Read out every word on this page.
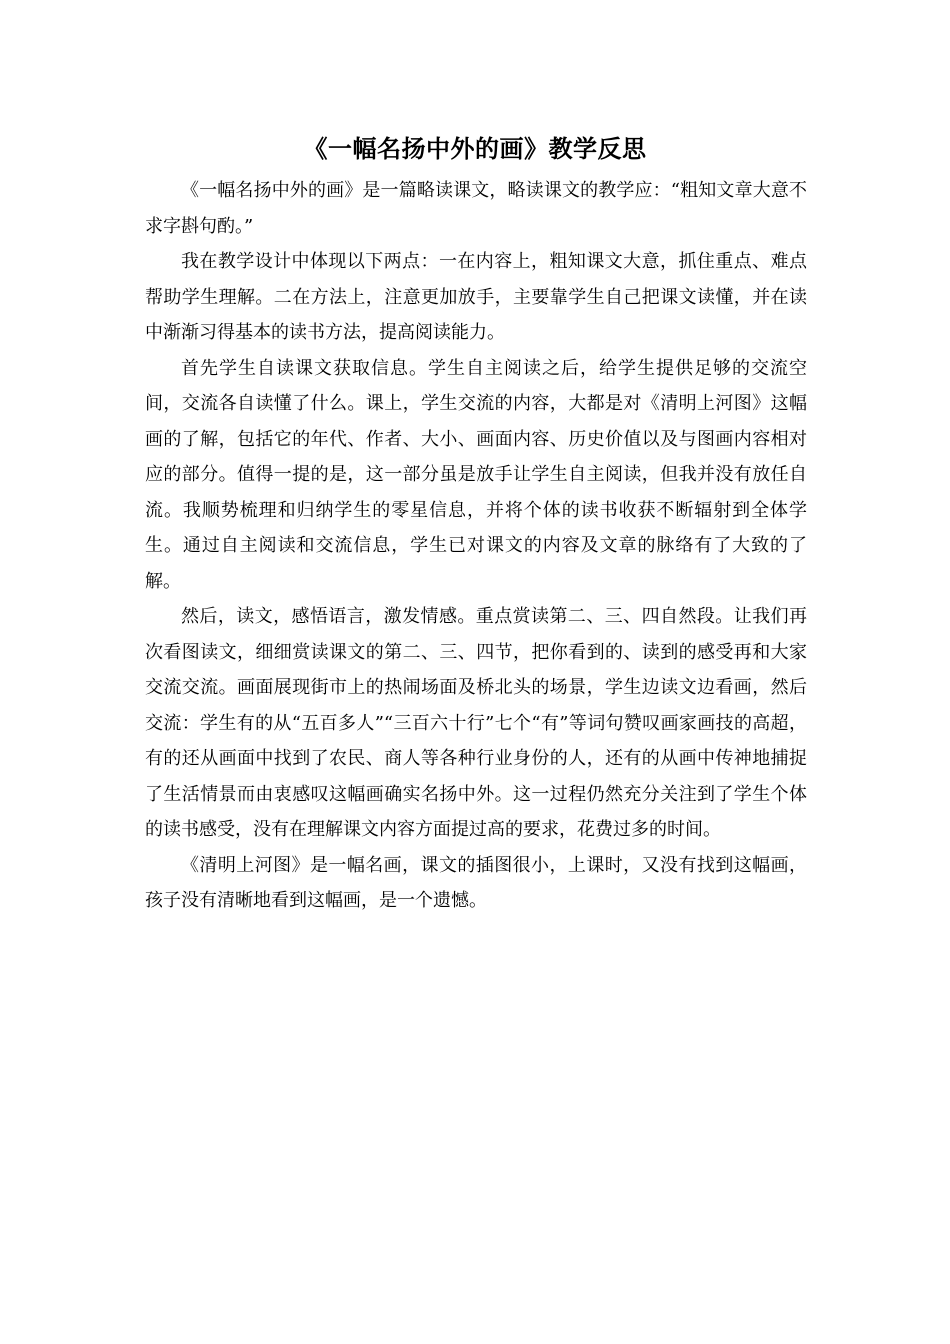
《一幅名扬中外的画》教学反思

《一幅名扬中外的画》是一篇略读课文，略读课文的教学应：“粗知文章大意不求字斟句酌。”

我在教学设计中体现以下两点：一在内容上，粗知课文大意，抓住重点、难点帮助学生理解。二在方法上，注意更加放手，主要靠学生自己把课文读懂，并在读中渐渐习得基本的读书方法，提高阅读能力。

首先学生自读课文获取信息。学生自主阅读之后，给学生提供足够的交流空间，交流各自读懂了什么。课上，学生交流的内容，大都是对《清明上河图》这幅画的了解，包括它的年代、作者、大小、画面内容、历史价值以及与图画内容相对应的部分。值得一提的是，这一部分虽是放手让学生自主阅读，但我并没有放任自流。我顺势梳理和归纳学生的零星信息，并将个体的读书收获不断辐射到全体学生。通过自主阅读和交流信息，学生已对课文的内容及文章的脉络有了大致的了解。

然后，读文，感悟语言，激发情感。重点赏读第二、三、四自然段。让我们再次看图读文，细细赏读课文的第二、三、四节，把你看到的、读到的感受再和大家交流交流。画面展现街市上的热闹场面及桥北头的场景，学生边读文边看画，然后交流：学生有的从“五百多人”“三百六十行”七个“有”等词句赞叹画家画技的高超，有的还从画面中找到了农民、商人等各种行业身份的人，还有的从画中传神地捕捉了生活情景而由衷感叹这幅画确实名扬中外。这一过程仍然充分关注到了学生个体的读书感受，没有在理解课文内容方面提过高的要求，花费过多的时间。

《清明上河图》是一幅名画，课文的插图很小，上课时，又没有找到这幅画，孩子没有清晰地看到这幅画，是一个遗憾。
